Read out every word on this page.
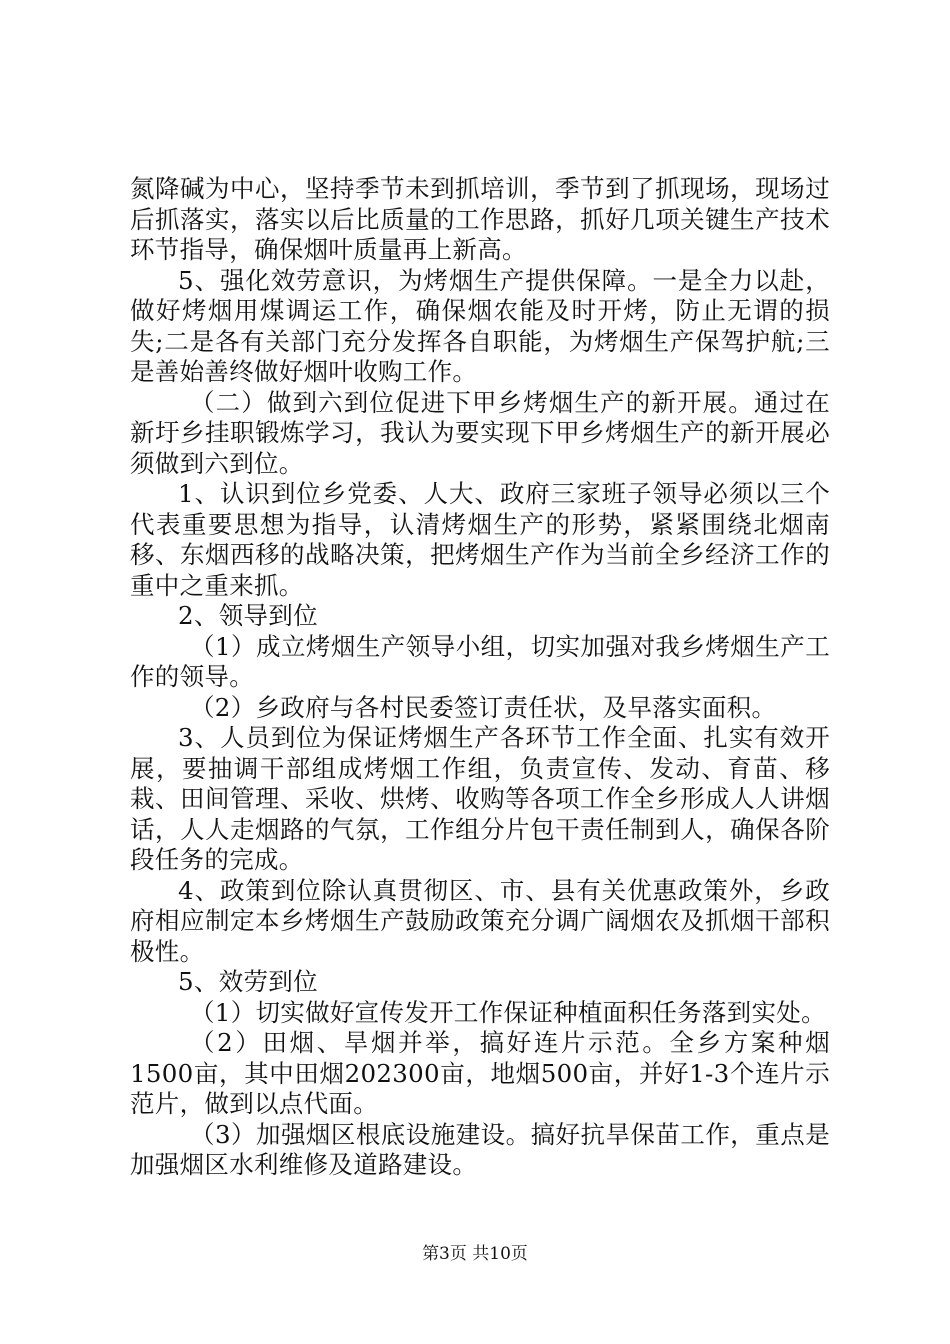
氮降碱为中心，坚持季节未到抓培训，季节到了抓现场，现场过后抓落实，落实以后比质量的工作思路，抓好几项关键生产技术环节指导，确保烟叶质量再上新高。

5、强化效劳意识，为烤烟生产提供保障。一是全力以赴，做好烤烟用煤调运工作，确保烟农能及时开烤，防止无谓的损失;二是各有关部门充分发挥各自职能，为烤烟生产保驾护航;三是善始善终做好烟叶收购工作。

（二）做到六到位促进下甲乡烤烟生产的新开展。通过在新圩乡挂职锻炼学习，我认为要实现下甲乡烤烟生产的新开展必须做到六到位。

1、认识到位乡党委、人大、政府三家班子领导必须以三个代表重要思想为指导，认清烤烟生产的形势，紧紧围绕北烟南移、东烟西移的战略决策，把烤烟生产作为当前全乡经济工作的重中之重来抓。

2、领导到位

（1）成立烤烟生产领导小组，切实加强对我乡烤烟生产工作的领导。

（2）乡政府与各村民委签订责任状，及早落实面积。

3、人员到位为保证烤烟生产各环节工作全面、扎实有效开展，要抽调干部组成烤烟工作组，负责宣传、发动、育苗、移栽、田间管理、采收、烘烤、收购等各项工作全乡形成人人讲烟话，人人走烟路的气氛，工作组分片包干责任制到人，确保各阶段任务的完成。

4、政策到位除认真贯彻区、市、县有关优惠政策外，乡政府相应制定本乡烤烟生产鼓励政策充分调广阔烟农及抓烟干部积极性。

5、效劳到位

（1）切实做好宣传发开工作保证种植面积任务落到实处。

（2）田烟、旱烟并举，搞好连片示范。全乡方案种烟1500亩，其中田烟202300亩，地烟500亩，并好1-3个连片示范片，做到以点代面。

（3）加强烟区根底设施建设。搞好抗旱保苗工作，重点是加强烟区水利维修及道路建设。

第3页 共10页
